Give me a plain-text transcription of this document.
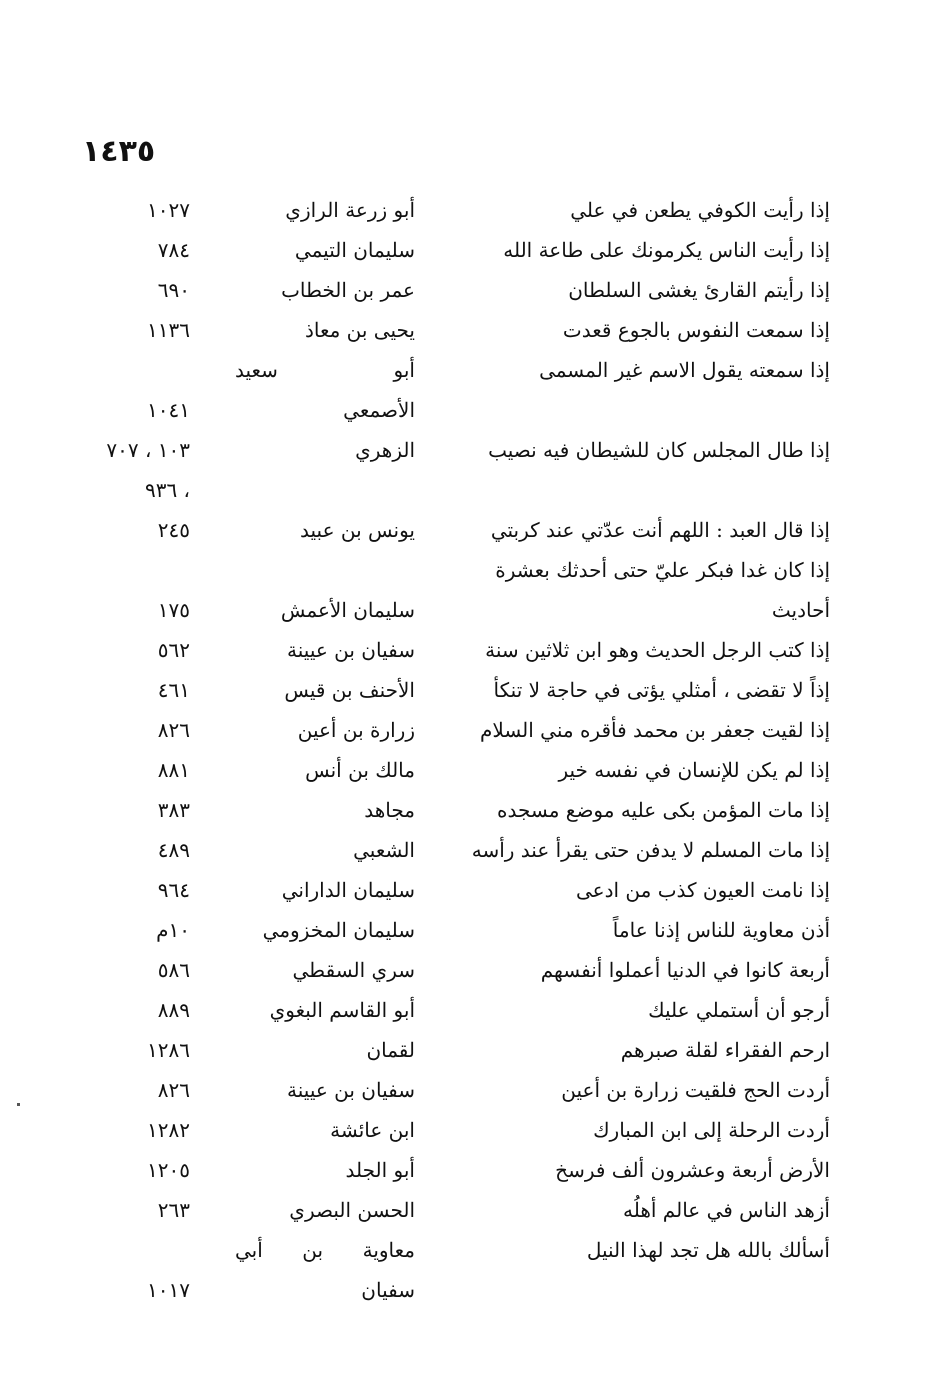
١٤٣٥
إذا رأيت الكوفي يطعن في علي
أبو زرعة الرازي
١٠٢٧
إذا رأيت الناس يكرمونك على طاعة الله
سليمان التيمي
٧٨٤
إذا رأيتم القارئ يغشى السلطان
عمر بن الخطاب
٦٩٠
إذا سمعت النفوس بالجوع قعدت
يحيى بن معاذ
١١٣٦
إذا سمعته يقول الاسم غير المسمى
أبو سعيد
الأصمعي
١٠٤١
إذا طال المجلس كان للشيطان فيه نصيب
الزهري
١٠٣ ، ٧٠٧
، ٩٣٦
إذا قال العبد : اللهم أنت عدّتي عند كربتي
يونس بن عبيد
٢٤٥
إذا كان غدا فبكر عليّ حتى أحدثك بعشرة
أحاديث
سليمان الأعمش
١٧٥
إذا كتب الرجل الحديث وهو ابن ثلاثين سنة
سفيان بن عيينة
٥٦٢
إذاً لا تقضى ، أمثلي يؤتى في حاجة لا تنكأ
الأحنف بن قيس
٤٦١
إذا لقيت جعفر بن محمد فأقره مني السلام
زرارة بن أعين
٨٢٦
إذا لم يكن للإنسان في نفسه خير
مالك بن أنس
٨٨١
إذا مات المؤمن بكى عليه موضع مسجده
مجاهد
٣٨٣
إذا مات المسلم لا يدفن حتى يقرأ عند رأسه
الشعبي
٤٨٩
إذا نامت العيون كذب من ادعى
سليمان الداراني
٩٦٤
أذن معاوية للناس إذنا عاماً
سليمان المخزومي
١٠م
أربعة كانوا في الدنيا أعملوا أنفسهم
سري السقطي
٥٨٦
أرجو أن أستملي عليك
أبو القاسم البغوي
٨٨٩
ارحم الفقراء لقلة صبرهم
لقمان
١٢٨٦
أردت الحج فلقيت زرارة بن أعين
سفيان بن عيينة
٨٢٦
أردت الرحلة إلى ابن المبارك
ابن عائشة
١٢٨٢
الأرض أربعة وعشرون ألف فرسخ
أبو الجلد
١٢٠٥
أزهد الناس في عالم أهلُه
الحسن البصري
٢٦٣
أسألك بالله هل تجد لهذا النيل
معاوية بن أبي
سفيان
١٠١٧
